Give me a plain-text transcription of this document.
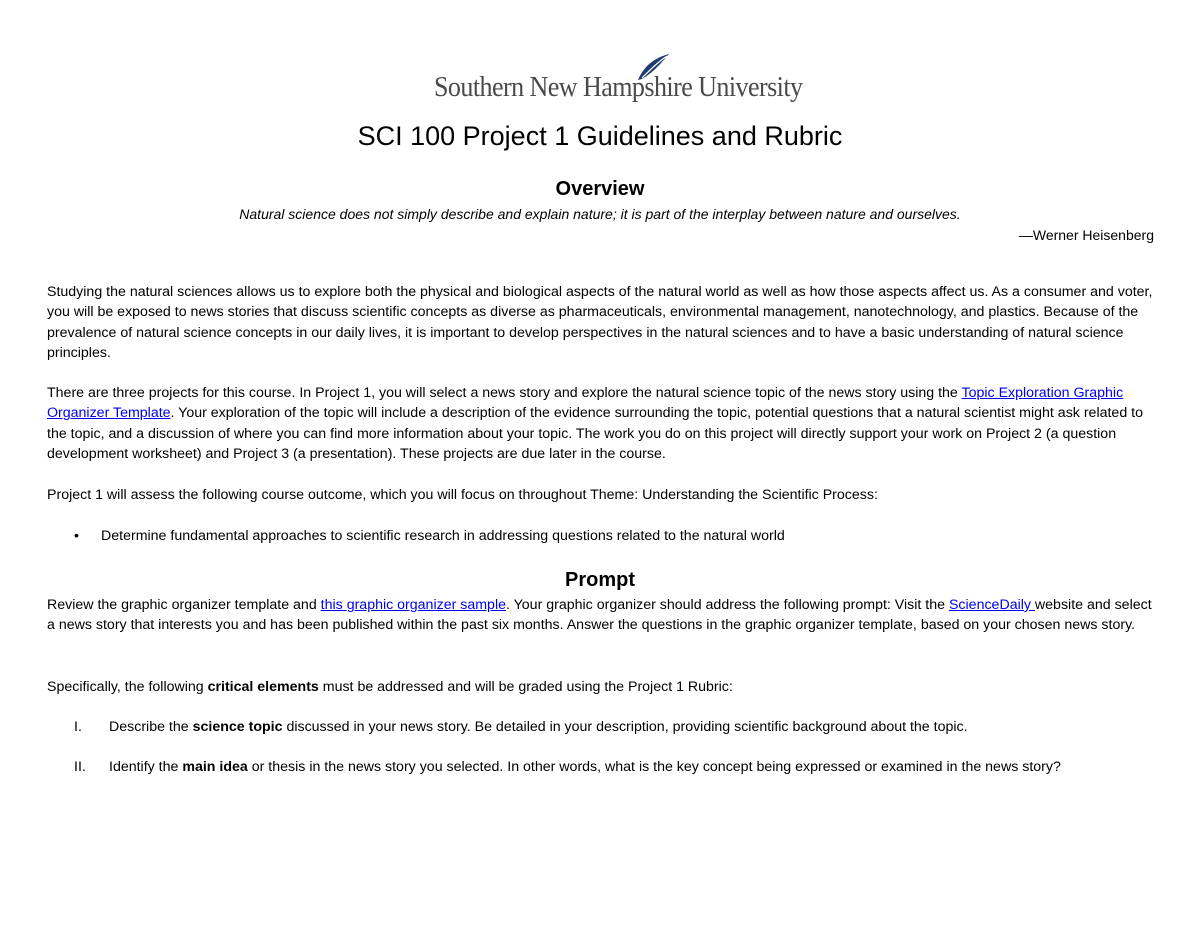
Southern New Hampshire University
SCI 100 Project 1 Guidelines and Rubric
Overview
Natural science does not simply describe and explain nature; it is part of the interplay between nature and ourselves.
—Werner Heisenberg
Studying the natural sciences allows us to explore both the physical and biological aspects of the natural world as well as how those aspects affect us. As a consumer and voter, you will be exposed to news stories that discuss scientific concepts as diverse as pharmaceuticals, environmental management, nanotechnology, and plastics. Because of the prevalence of natural science concepts in our daily lives, it is important to develop perspectives in the natural sciences and to have a basic understanding of natural science principles.
There are three projects for this course. In Project 1, you will select a news story and explore the natural science topic of the news story using the Topic Exploration Graphic Organizer Template. Your exploration of the topic will include a description of the evidence surrounding the topic, potential questions that a natural scientist might ask related to the topic, and a discussion of where you can find more information about your topic. The work you do on this project will directly support your work on Project 2 (a question development worksheet) and Project 3 (a presentation). These projects are due later in the course.
Project 1 will assess the following course outcome, which you will focus on throughout Theme: Understanding the Scientific Process:
•	Determine fundamental approaches to scientific research in addressing questions related to the natural world
Prompt
Review the graphic organizer template and this graphic organizer sample. Your graphic organizer should address the following prompt: Visit the ScienceDaily website and select a news story that interests you and has been published within the past six months. Answer the questions in the graphic organizer template, based on your chosen news story.
Specifically, the following critical elements must be addressed and will be graded using the Project 1 Rubric:
I. Describe the science topic discussed in your news story. Be detailed in your description, providing scientific background about the topic.
II. Identify the main idea or thesis in the news story you selected. In other words, what is the key concept being expressed or examined in the news story?
